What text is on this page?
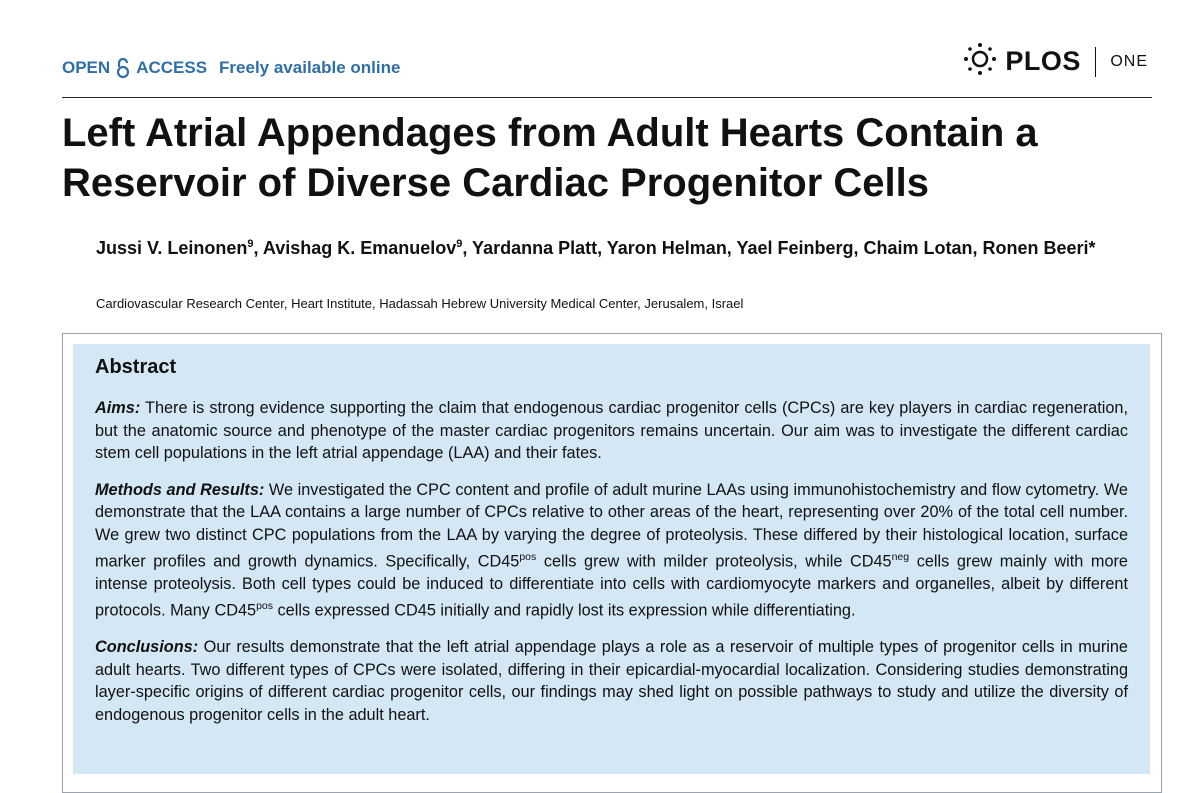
OPEN ACCESS Freely available online	PLOS ONE
Left Atrial Appendages from Adult Hearts Contain a Reservoir of Diverse Cardiac Progenitor Cells
Jussi V. Leinonen$^9$, Avishag K. Emanuelov$^9$, Yardanna Platt, Yaron Helman, Yael Feinberg, Chaim Lotan, Ronen Beeri*
Cardiovascular Research Center, Heart Institute, Hadassah Hebrew University Medical Center, Jerusalem, Israel
Abstract

Aims: There is strong evidence supporting the claim that endogenous cardiac progenitor cells (CPCs) are key players in cardiac regeneration, but the anatomic source and phenotype of the master cardiac progenitors remains uncertain. Our aim was to investigate the different cardiac stem cell populations in the left atrial appendage (LAA) and their fates.

Methods and Results: We investigated the CPC content and profile of adult murine LAAs using immunohistochemistry and flow cytometry. We demonstrate that the LAA contains a large number of CPCs relative to other areas of the heart, representing over 20% of the total cell number. We grew two distinct CPC populations from the LAA by varying the degree of proteolysis. These differed by their histological location, surface marker profiles and growth dynamics. Specifically, $CD45^{pos}$ cells grew with milder proteolysis, while $CD45^{neg}$ cells grew mainly with more intense proteolysis. Both cell types could be induced to differentiate into cells with cardiomyocyte markers and organelles, albeit by different protocols. Many $CD45^{pos}$ cells expressed CD45 initially and rapidly lost its expression while differentiating.

Conclusions: Our results demonstrate that the left atrial appendage plays a role as a reservoir of multiple types of progenitor cells in murine adult hearts. Two different types of CPCs were isolated, differing in their epicardial-myocardial localization. Considering studies demonstrating layer-specific origins of different cardiac progenitor cells, our findings may shed light on possible pathways to study and utilize the diversity of endogenous progenitor cells in the adult heart.
